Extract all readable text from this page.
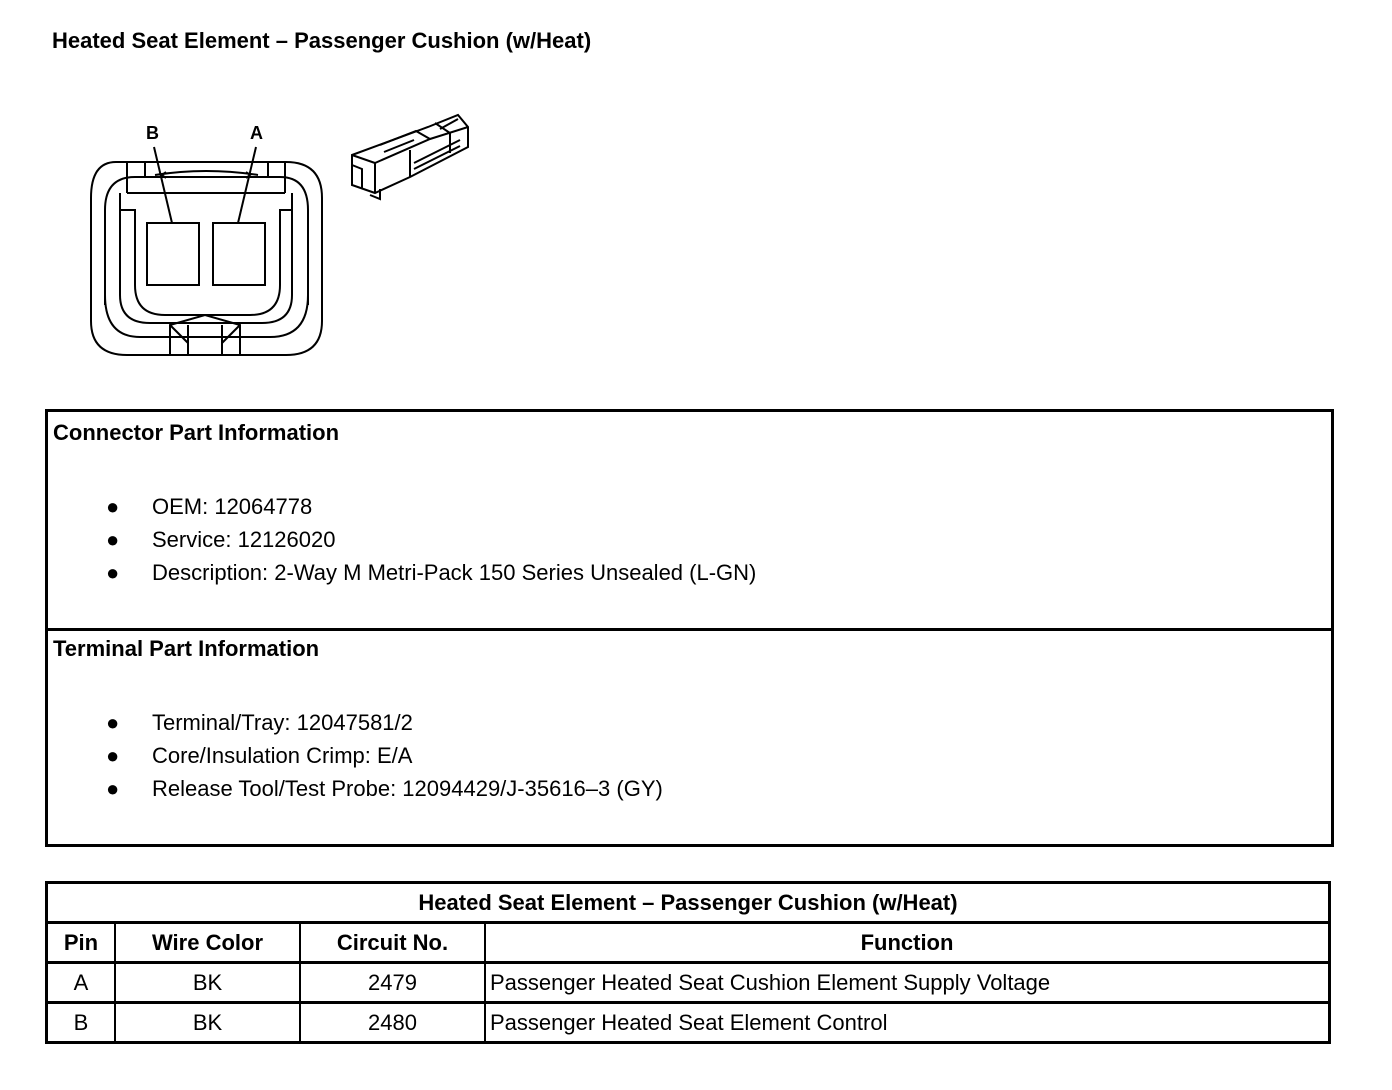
Heated Seat Element – Passenger Cushion (w/Heat)
B	A
Connector Part Information
● OEM: 12064778
● Service: 12126020
● Description: 2-Way M Metri-Pack 150 Series Unsealed (L-GN)
Terminal Part Information
● Terminal/Tray: 12047581/2
● Core/Insulation Crimp: E/A
● Release Tool/Test Probe: 12094429/J-35616–3 (GY)
Heated Seat Element – Passenger Cushion (w/Heat)			
Pin	Wire Color	Circuit No.	Function
A	BK	2479	Passenger Heated Seat Cushion Element Supply Voltage
B	BK	2480	Passenger Heated Seat Element Control
